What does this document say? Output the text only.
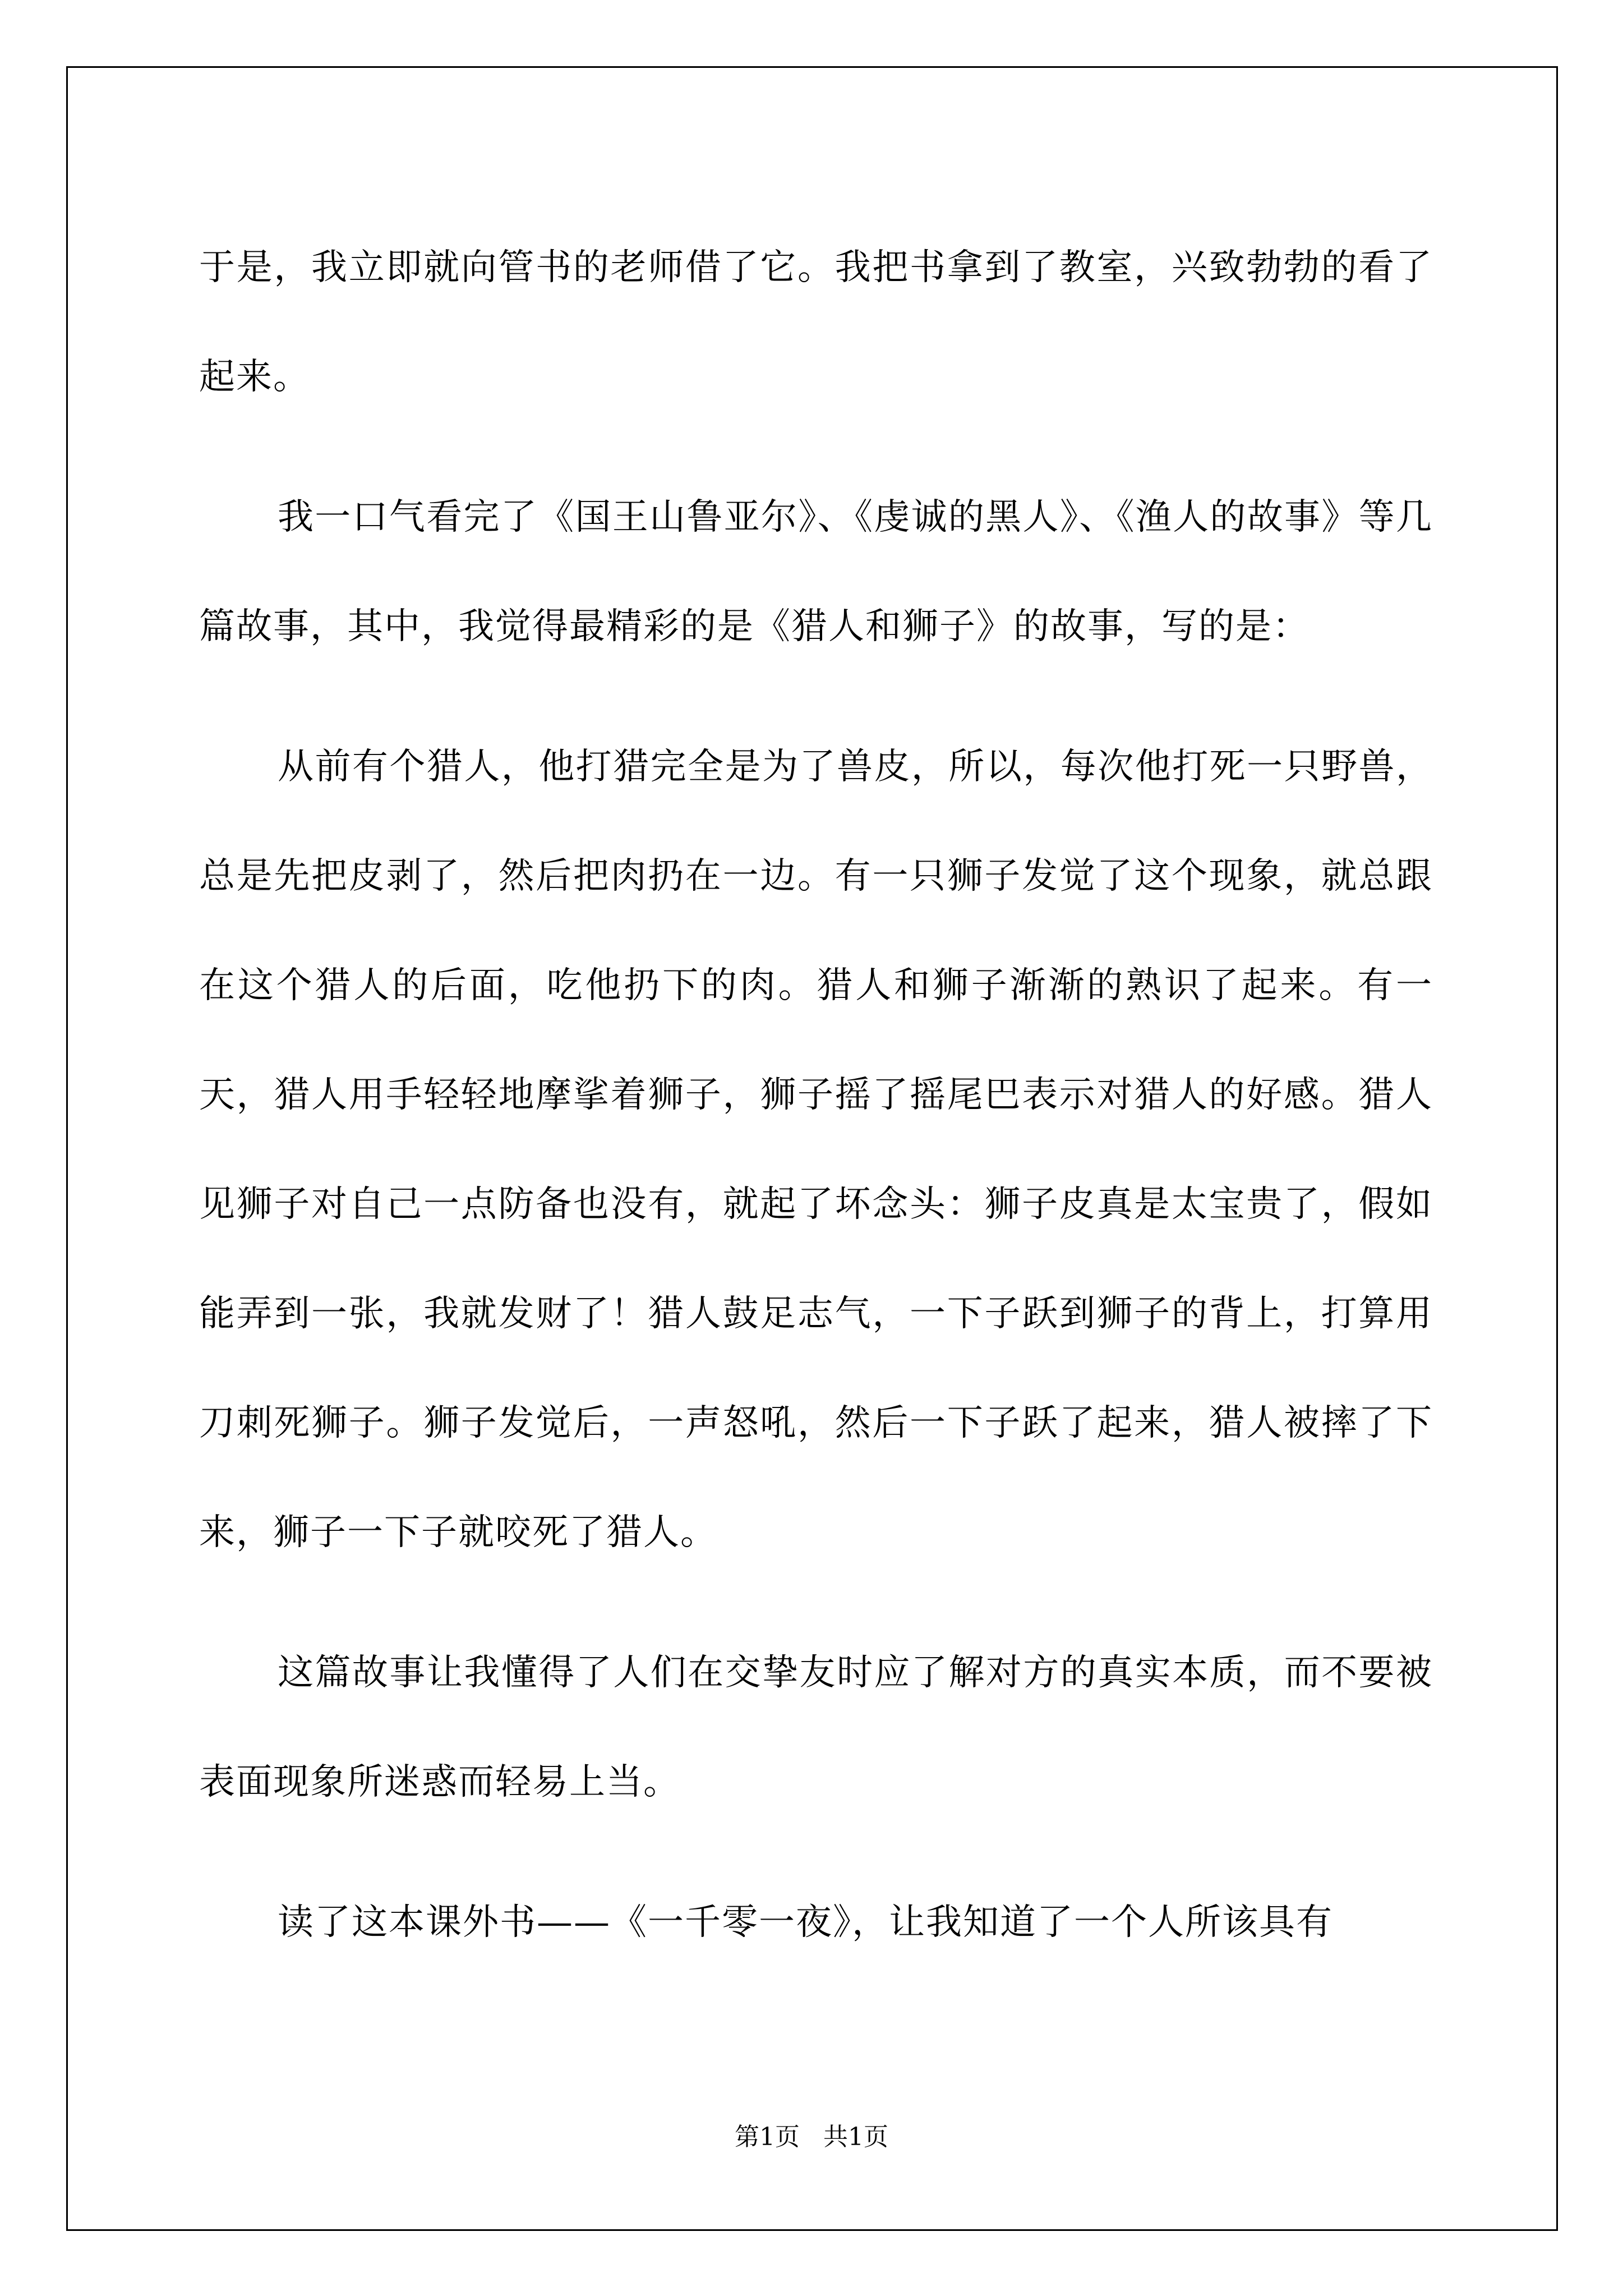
于是，我立即就向管书的老师借了它。我把书拿到了教室，兴致勃勃的看了起来。

我一口气看完了《国王山鲁亚尔》、《虔诚的黑人》、《渔人的故事》等几篇故事，其中，我觉得最精彩的是《猎人和狮子》的故事，写的是：

从前有个猎人，他打猎完全是为了兽皮，所以，每次他打死一只野兽，总是先把皮剥了，然后把肉扔在一边。有一只狮子发觉了这个现象，就总跟在这个猎人的后面，吃他扔下的肉。猎人和狮子渐渐的熟识了起来。有一天，猎人用手轻轻地摩挲着狮子，狮子摇了摇尾巴表示对猎人的好感。猎人见狮子对自己一点防备也没有，就起了坏念头：狮子皮真是太宝贵了，假如能弄到一张，我就发财了！猎人鼓足志气，一下子跃到狮子的背上，打算用刀刺死狮子。狮子发觉后，一声怒吼，然后一下子跃了起来，猎人被摔了下来，狮子一下子就咬死了猎人。

这篇故事让我懂得了人们在交挚友时应了解对方的真实本质，而不要被表面现象所迷惑而轻易上当。

读了这本课外书——《一千零一夜》，让我知道了一个人所该具有

第1页 共1页
